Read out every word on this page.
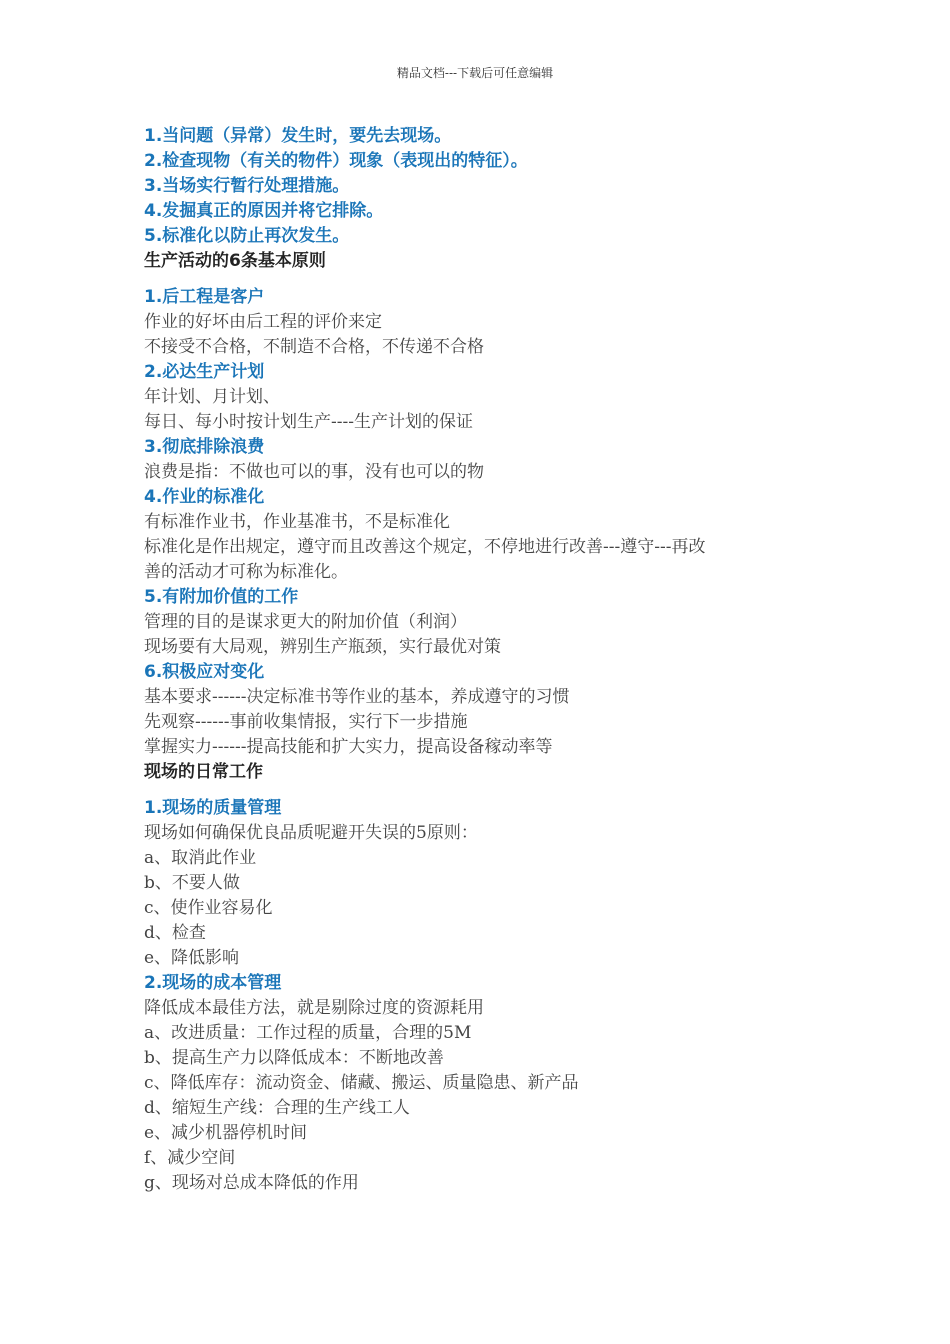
精品文档---下载后可任意编辑
1.当问题（异常）发生时，要先去现场。
2.检查现物（有关的物件）现象（表现出的特征）。
3.当场实行暂行处理措施。
4.发掘真正的原因并将它排除。
5.标准化以防止再次发生。
生产活动的6条基本原则
1.后工程是客户
作业的好坏由后工程的评价来定
不接受不合格，不制造不合格，不传递不合格
2.必达生产计划
年计划、月计划、
每日、每小时按计划生产----生产计划的保证
3.彻底排除浪费
浪费是指：不做也可以的事，没有也可以的物
4.作业的标准化
有标准作业书，作业基准书，不是标准化
标准化是作出规定，遵守而且改善这个规定，不停地进行改善---遵守---再改
善的活动才可称为标准化。
5.有附加价值的工作
管理的目的是谋求更大的附加价值（利润）
现场要有大局观，辨别生产瓶颈，实行最优对策
6.积极应对变化
基本要求------决定标准书等作业的基本，养成遵守的习惯
先观察------事前收集情报，实行下一步措施
掌握实力------提高技能和扩大实力，提高设备稼动率等
现场的日常工作
1.现场的质量管理
现场如何确保优良品质呢避开失误的5原则：
a、取消此作业
b、不要人做
c、使作业容易化
d、检查
e、降低影响
2.现场的成本管理
降低成本最佳方法，就是剔除过度的资源耗用
a、改进质量：工作过程的质量，合理的5M
b、提高生产力以降低成本：不断地改善
c、降低库存：流动资金、储藏、搬运、质量隐患、新产品
d、缩短生产线：合理的生产线工人
e、减少机器停机时间
f、减少空间
g、现场对总成本降低的作用
